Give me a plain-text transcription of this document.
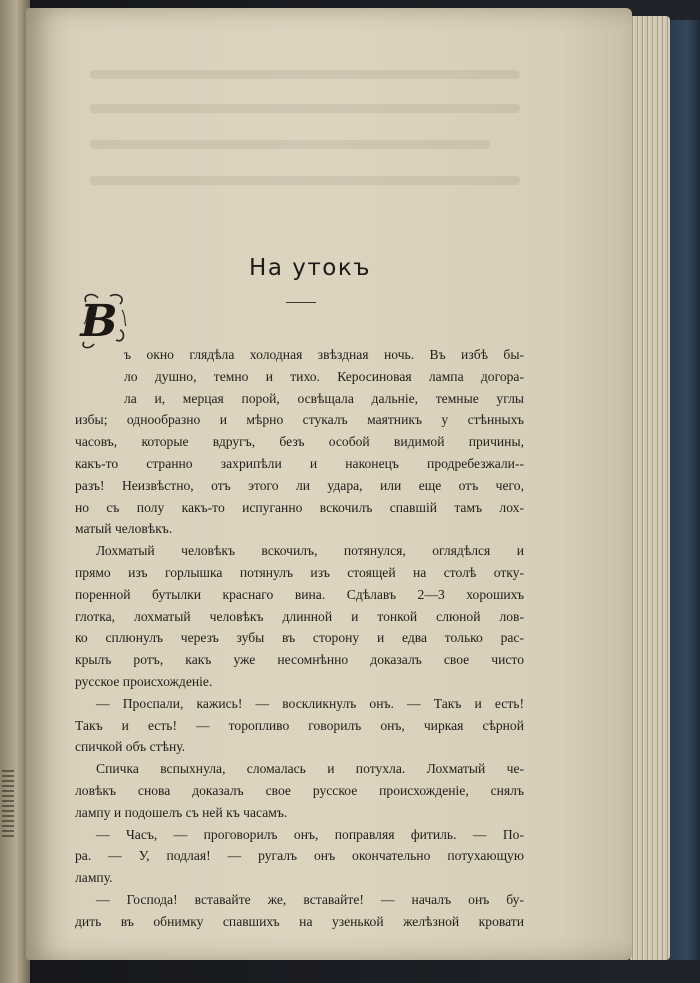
На утокъ
В
ъ окно глядѣла холодная звѣздная ночь. Въ избѣ бы-
ло душно, темно и тихо. Керосиновая лампа догора-
ла и, мерцая порой, освѣщала дальніе, темные углы
избы; однообразно и мѣрно стукалъ маятникъ у стѣнныхъ
часовъ, которые вдругъ, безъ особой видимой причины,
какъ-то странно захрипѣли и наконецъ продребезжали--
разъ! Неизвѣстно, отъ этого ли удара, или еще отъ чего,
но съ полу какъ-то испуганно вскочилъ спавшій тамъ лох-
матый человѣкъ.
Лохматый человѣкъ вскочилъ, потянулся, оглядѣлся и
прямо изъ горлышка потянулъ изъ стоящей на столѣ отку-
поренной бутылки краснаго вина. Сдѣлавъ 2—3 хорошихъ
глотка, лохматый человѣкъ длинной и тонкой слюной лов-
ко сплюнулъ черезъ зубы въ сторону и едва только рас-
крылъ ротъ, какъ уже несомнѣнно доказалъ свое чисто
русское происхожденіе.
— Проспали, кажись! — воскликнулъ онъ. — Такъ и есть!
Такъ и есть! — торопливо говорилъ онъ, чиркая сѣрной
спичкой объ стѣну.
Спичка вспыхнула, сломалась и потухла. Лохматый че-
ловѣкъ снова доказалъ свое русское происхожденіе, снялъ
лампу и подошелъ съ ней къ часамъ.
— Часъ, — проговорилъ онъ, поправляя фитиль. — По-
ра. — У, подлая! — ругалъ онъ окончательно потухающую
лампу.
— Господа! вставайте же, вставайте! — началъ онъ бу-
дить въ обнимку спавшихъ на узенькой желѣзной кровати
